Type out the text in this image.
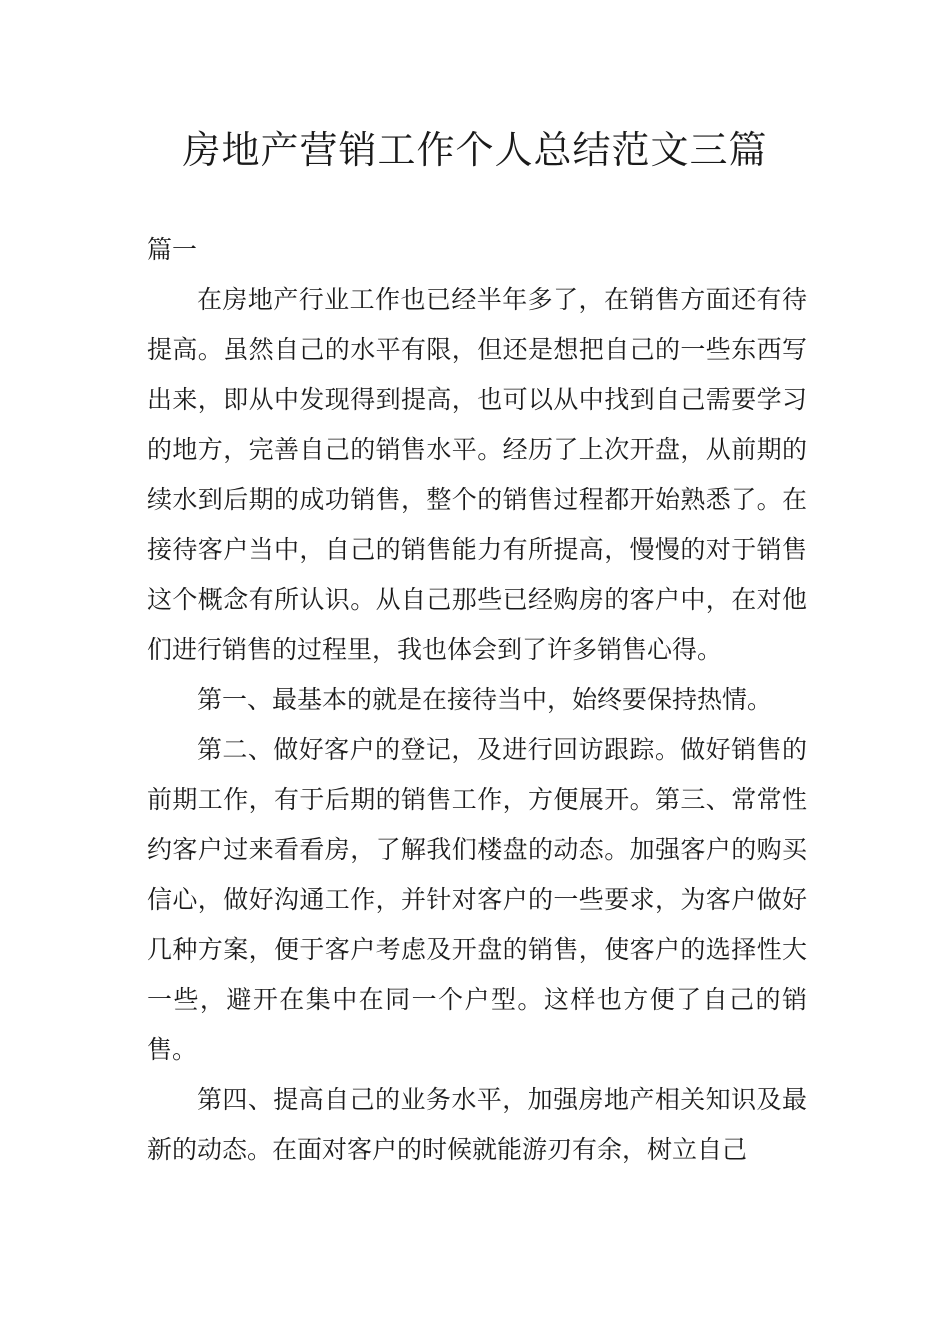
房地产营销工作个人总结范文三篇

篇一

在房地产行业工作也已经半年多了，在销售方面还有待提高。虽然自己的水平有限，但还是想把自己的一些东西写出来，即从中发现得到提高，也可以从中找到自己需要学习的地方，完善自己的销售水平。经历了上次开盘，从前期的续水到后期的成功销售，整个的销售过程都开始熟悉了。在接待客户当中，自己的销售能力有所提高，慢慢的对于销售这个概念有所认识。从自己那些已经购房的客户中，在对他们进行销售的过程里，我也体会到了许多销售心得。

第一、最基本的就是在接待当中，始终要保持热情。

第二、做好客户的登记，及进行回访跟踪。做好销售的前期工作，有于后期的销售工作，方便展开。第三、常常性约客户过来看看房，了解我们楼盘的动态。加强客户的购买信心，做好沟通工作，并针对客户的一些要求，为客户做好几种方案，便于客户考虑及开盘的销售，使客户的选择性大一些，避开在集中在同一个户型。这样也方便了自己的销售。

第四、提高自己的业务水平，加强房地产相关知识及最新的动态。在面对客户的时候就能游刃有余，树立自己
